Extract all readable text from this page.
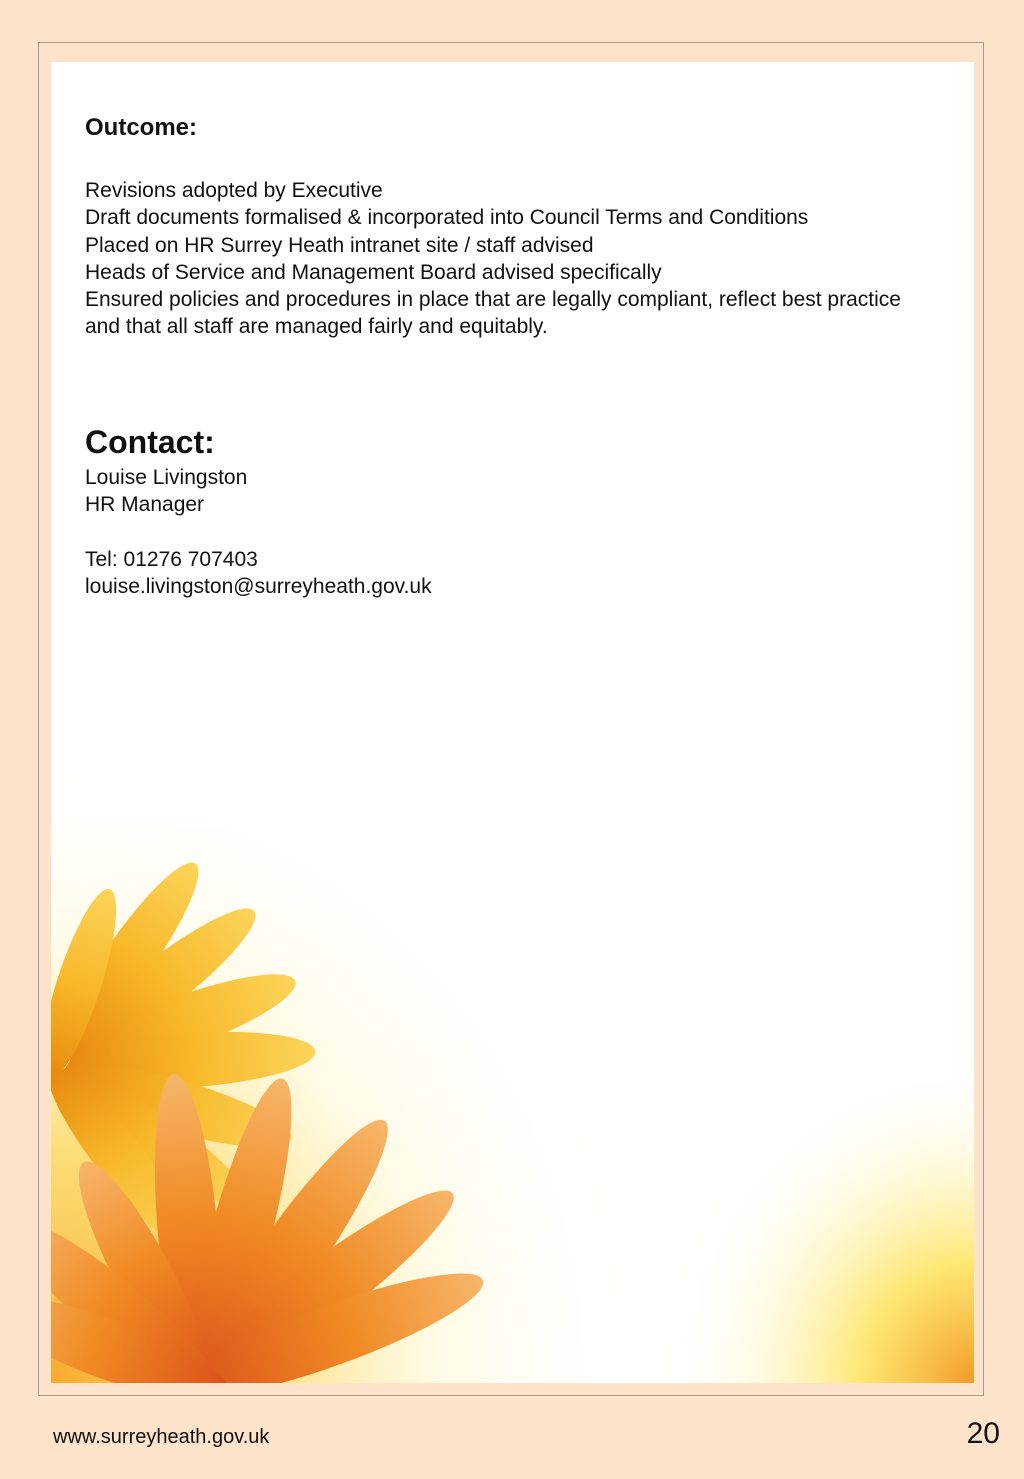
Outcome:
Revisions adopted by Executive
Draft documents formalised & incorporated into Council Terms and Conditions
Placed on HR Surrey Heath intranet site / staff advised
Heads of Service and Management Board advised specifically
Ensured policies and procedures in place that are legally compliant, reflect best practice and that all staff are managed fairly and equitably.
Contact:
Louise Livingston
HR Manager
Tel: 01276 707403
louise.livingston@surreyheath.gov.uk
www.surreyheath.gov.uk	20
